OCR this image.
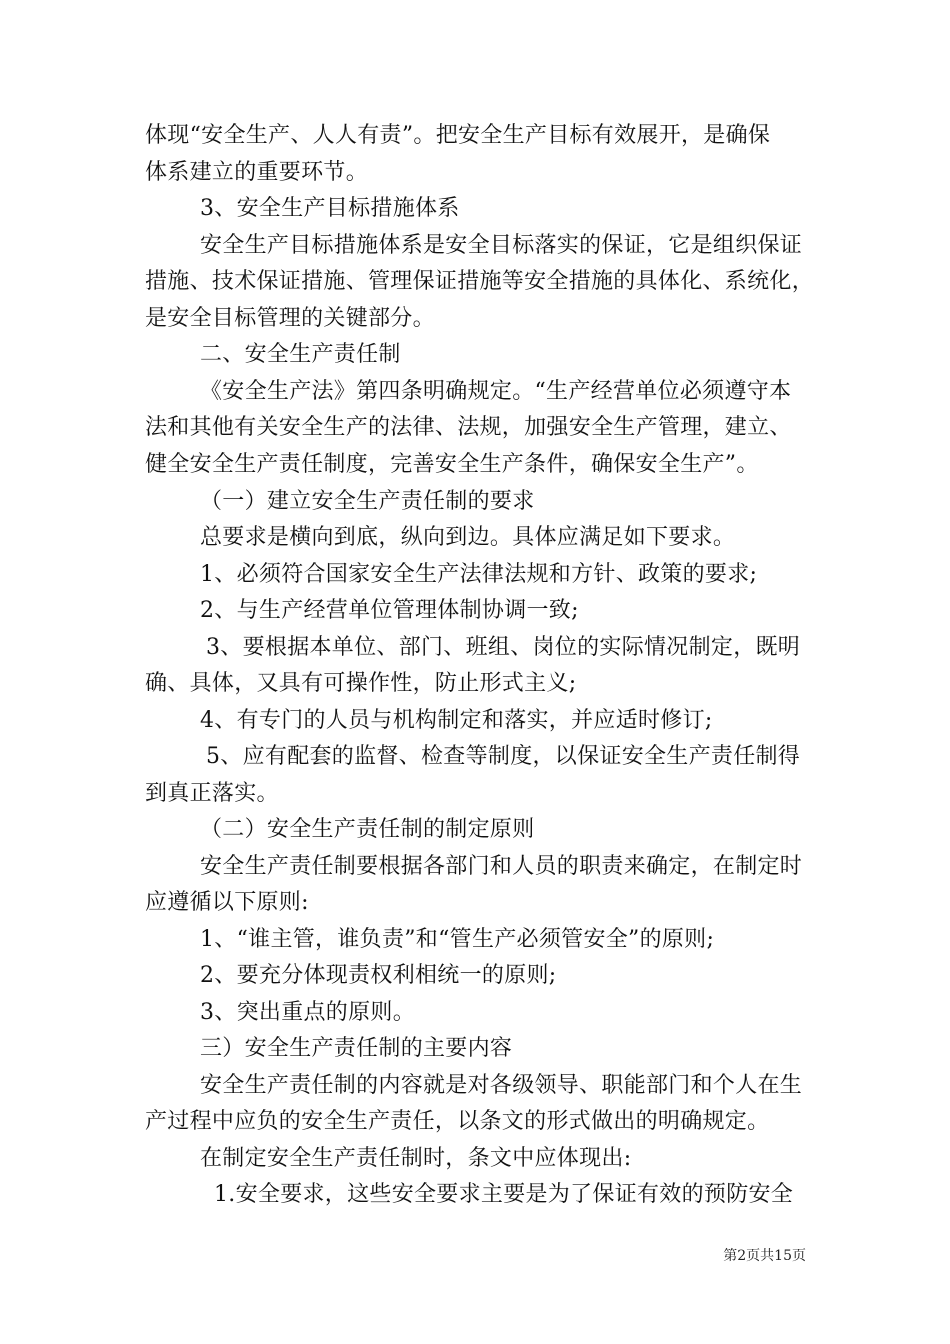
体现“安全生产、人人有责”。把安全生产目标有效展开，是确保
体系建立的重要环节。
3、安全生产目标措施体系
安全生产目标措施体系是安全目标落实的保证，它是组织保证
措施、技术保证措施、管理保证措施等安全措施的具体化、系统化，
是安全目标管理的关键部分。
二、安全生产责任制
《安全生产法》第四条明确规定。“生产经营单位必须遵守本
法和其他有关安全生产的法律、法规，加强安全生产管理，建立、
健全安全生产责任制度，完善安全生产条件，确保安全生产”。
（一）建立安全生产责任制的要求
总要求是横向到底，纵向到边。具体应满足如下要求。
1、必须符合国家安全生产法律法规和方针、政策的要求;
2、与生产经营单位管理体制协调一致;
3、要根据本单位、部门、班组、岗位的实际情况制定，既明
确、具体，又具有可操作性，防止形式主义;
4、有专门的人员与机构制定和落实，并应适时修订;
5、应有配套的监督、检查等制度，以保证安全生产责任制得
到真正落实。
（二）安全生产责任制的制定原则
安全生产责任制要根据各部门和人员的职责来确定，在制定时
应遵循以下原则:
1、“谁主管，谁负责”和“管生产必须管安全”的原则;
2、要充分体现责权利相统一的原则;
3、突出重点的原则。
三）安全生产责任制的主要内容
安全生产责任制的内容就是对各级领导、职能部门和个人在生
产过程中应负的安全生产责任，以条文的形式做出的明确规定。
在制定安全生产责任制时，条文中应体现出:
1.安全要求，这些安全要求主要是为了保证有效的预防安全
第2页共15页
